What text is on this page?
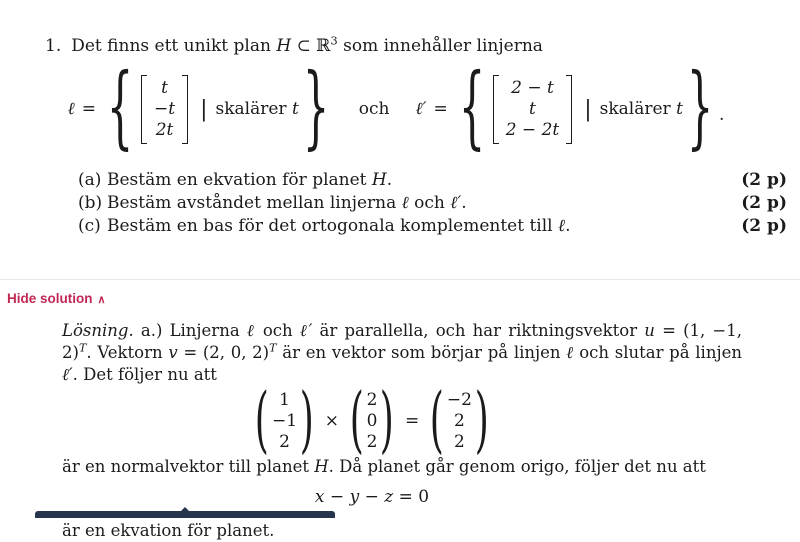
1. Det finns ett unikt plan H ⊂ ℝ$^3$ som innehåller linjerna
ℓ = { t
−t
2t
| skalärer t } och ℓ′ = { 2 − t
t
2 − 2t
| skalärer t } .
(a) Bestäm en ekvation för planet H.	(2 p)
(b) Bestäm avståndet mellan linjerna ℓ och ℓ′.	(2 p)
(c) Bestäm en bas för det ortogonala komplementet till ℓ.	(2 p)
Hide solution ∧

Lösning. a.) Linjerna ℓ och ℓ′ är parallella, och har riktningsvektor u = (1, −1, 2)$^T$. Vektorn v = (2, 0, 2)$^T$ är en vektor som börjar på linjen ℓ och slutar på linjen ℓ′. Det följer nu att

( 1
−1
2 ) × ( 2
0
2 ) = ( −2
2
2 )

är en normalvektor till planet H. Då planet går genom origo, följer det nu att

x − y − z = 0

är en ekvation för planet.
